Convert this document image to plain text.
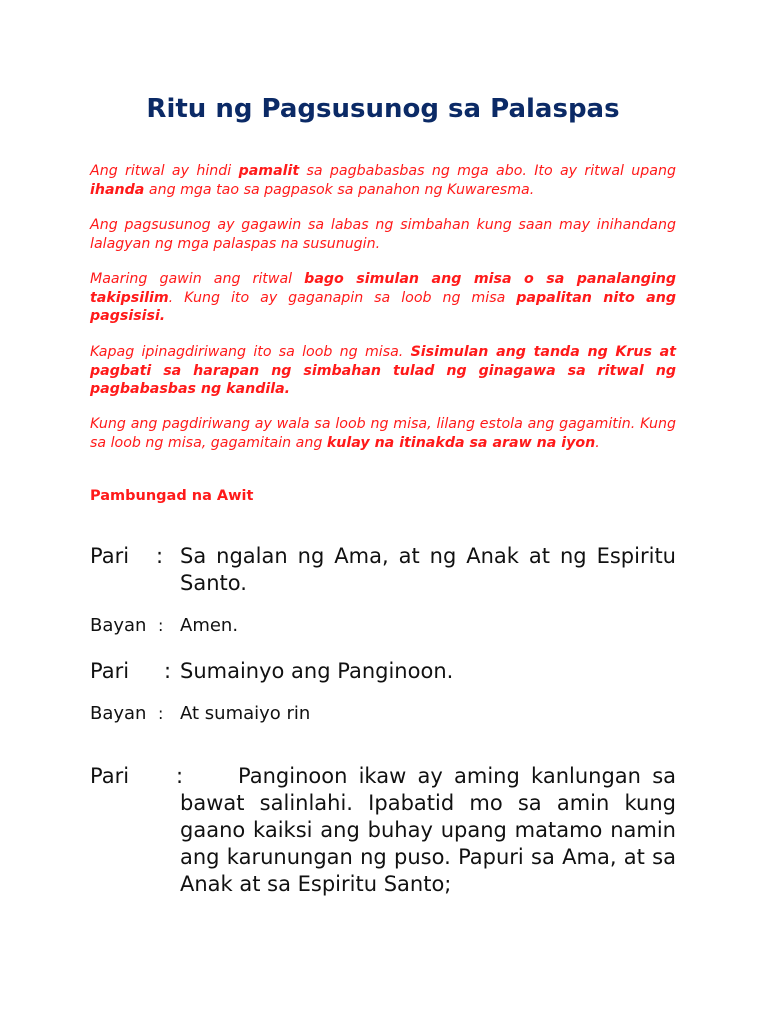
Ritu ng Pagsusunog sa Palaspas

Ang ritwal ay hindi pamalit sa pagbabasbas ng mga abo. Ito ay ritwal upang ihanda ang mga tao sa pagpasok sa panahon ng Kuwaresma.

Ang pagsusunog ay gagawin sa labas ng simbahan kung saan may inihandang lalagyan ng mga palaspas na susunugin.

Maaring gawin ang ritwal bago simulan ang misa o sa panalanging takipsilim. Kung ito ay gaganapin sa loob ng misa papalitan nito ang pagsisisi.

Kapag ipinagdiriwang ito sa loob ng misa. Sisimulan ang tanda ng Krus at pagbati sa harapan ng simbahan tulad ng ginagawa sa ritwal ng pagbabasbas ng kandila.

Kung ang pagdiriwang ay wala sa loob ng misa, lilang estola ang gagamitin. Kung sa loob ng misa, gagamitain ang kulay na itinakda sa araw na iyon.

Pambungad na Awit

Pari : Sa ngalan ng Ama, at ng Anak at ng Espiritu Santo.
Bayan : Amen.
Pari : Sumainyo ang Panginoon.
Bayan : At sumaiyo rin
Pari :	Panginoon ikaw ay aming kanlungan sa bawat salinlahi. Ipabatid mo sa amin kung gaano kaiksi ang buhay upang matamo namin ang karunungan ng puso. Papuri sa Ama, at sa Anak at sa Espiritu Santo;
